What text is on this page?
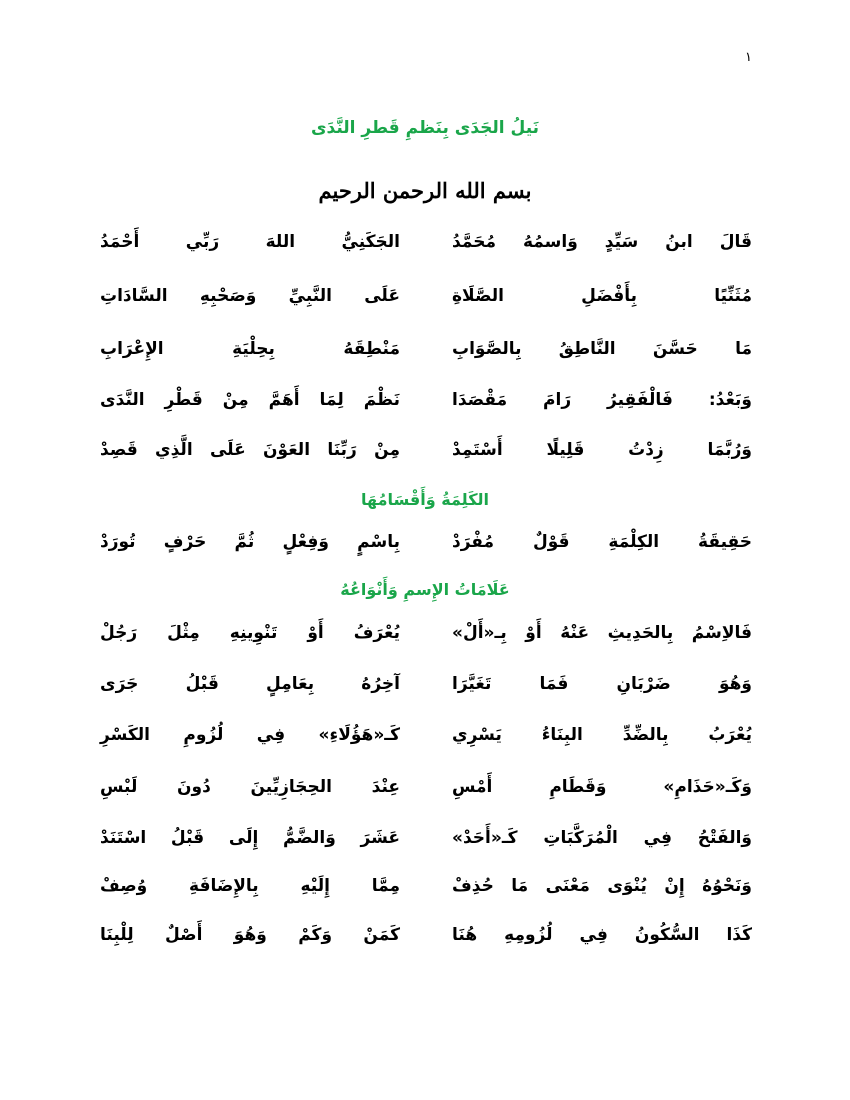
١
نَيلُ الجَدَى بِنَظمِ قَطرِ النَّدَى
بسم الله الرحمن الرحيم
قَالَ ابنُ سَيِّدٍ وَاسمُهُ مُحَمَّدُ
الجَكَنِيُّ اللهَ رَبِّي أَحْمَدُ
مُثَنِّيًا بِأَفْضَلِ الصَّلَاةِ
عَلَى النَّبِيِّ وَصَحْبِهِ السَّادَاتِ
مَا حَسَّنَ النَّاطِقُ بِالصَّوَابِ
مَنْطِقَهُ بِحِلْيَةِ الإِعْرَابِ
وَبَعْدُ: فَالْفَقِيرُ رَامَ مَقْصَدَا
نَظْمَ لِمَا أَهَمَّ مِنْ قَطْرِ النَّدَى
وَرُبَّمَا زِدْتُ قَلِيلًا أَسْتَمِدْ
مِنْ رَبِّنَا العَوْنَ عَلَى الَّذِي قَصِدْ
الكَلِمَةُ وَأَقْسَامُهَا
حَقِيقَةُ الكِلْمَةِ قَوْلٌ مُفْرَدْ
بِاسْمٍ وَفِعْلٍ ثُمَّ حَرْفٍ تُورَدْ
عَلَامَاتُ الإِسمِ وَأَنْوَاعُهُ
فَالاِسْمُ بِالحَدِيثِ عَنْهُ أَوْ بِـ«أَلْ»
يُعْرَفُ أَوْ تَنْوِينِهِ مِثْلَ رَجُلْ
وَهُوَ ضَرْبَانِ فَمَا تَغَيَّرَا
آخِرُهُ بِعَامِلٍ قَبْلُ جَرَى
يُعْرَبُ بِالضِّدِّ البِنَاءُ يَسْرِي
كَـ«هَؤُلَاءِ» فِي لُزُومِ الكَسْرِ
وَكَـ«حَذَامِ» وَقَطَامِ أَمْسِ
عِنْدَ الحِجَازِيِّينَ دُونَ لَبْسِ
وَالفَتْحُ فِي الْمُرَكَّبَاتِ كَـ«أَحَدْ»
عَشَرَ وَالضَّمُّ إِلَى قَبْلُ اسْتَنَدْ
وَنَحْوُهُ إِنْ يُنْوَى مَعْنَى مَا حُذِفْ
مِمَّا إِلَيْهِ بِالإِضَافَةِ وُصِفْ
كَذَا السُّكُونُ فِي لُزُومِهِ هُنَا
كَمَنْ وَكَمْ وَهُوَ أَصْلٌ لِلْبِنَا
